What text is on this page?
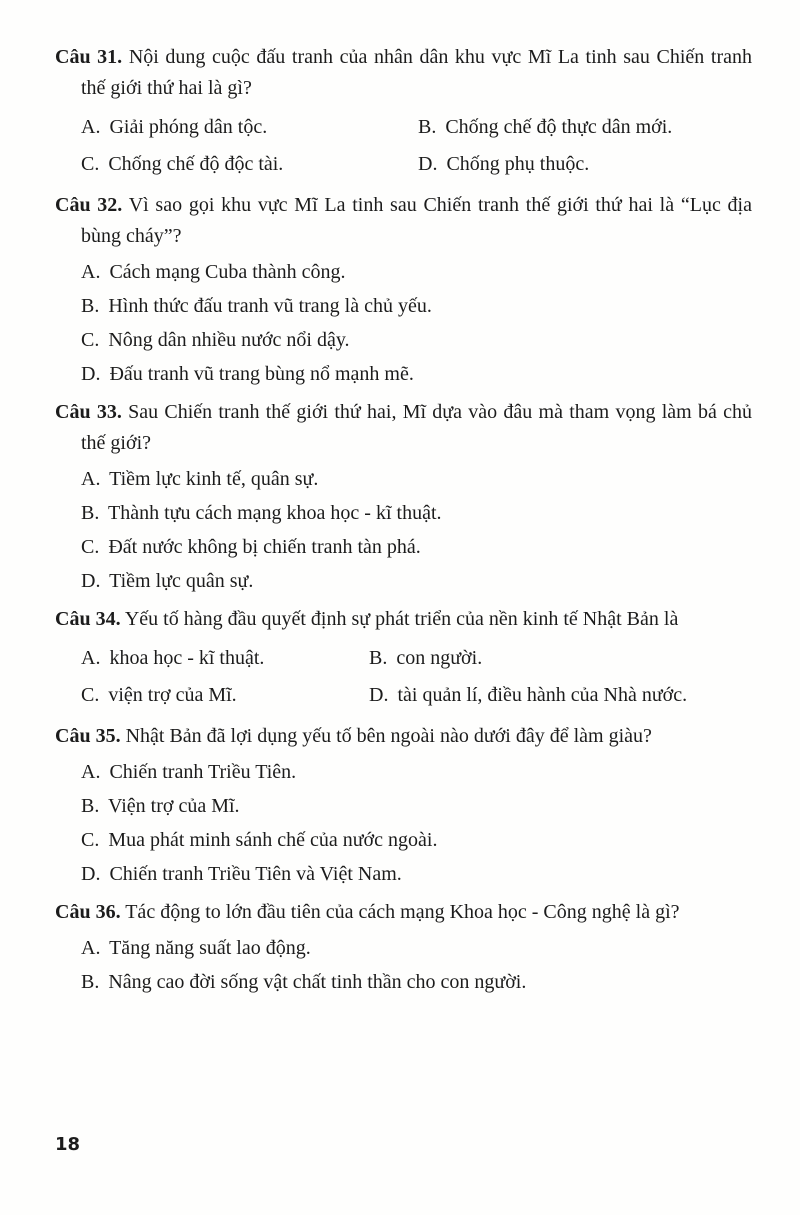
Câu 31. Nội dung cuộc đấu tranh của nhân dân khu vực Mĩ La tinh sau Chiến tranh thế giới thứ hai là gì?

A. Giải phóng dân tộc.	B. Chống chế độ thực dân mới.

C. Chống chế độ độc tài.	D. Chống phụ thuộc.

Câu 32. Vì sao gọi khu vực Mĩ La tinh sau Chiến tranh thế giới thứ hai là “Lục địa bùng cháy”?

A. Cách mạng Cuba thành công.

B. Hình thức đấu tranh vũ trang là chủ yếu.

C. Nông dân nhiều nước nổi dậy.

D. Đấu tranh vũ trang bùng nổ mạnh mẽ.

Câu 33. Sau Chiến tranh thế giới thứ hai, Mĩ dựa vào đâu mà tham vọng làm bá chủ thế giới?

A. Tiềm lực kinh tế, quân sự.

B. Thành tựu cách mạng khoa học - kĩ thuật.

C. Đất nước không bị chiến tranh tàn phá.

D. Tiềm lực quân sự.

Câu 34. Yếu tố hàng đầu quyết định sự phát triển của nền kinh tế Nhật Bản là

A. khoa học - kĩ thuật.	B. con người.

C. viện trợ của Mĩ.	D. tài quản lí, điều hành của Nhà nước.

Câu 35. Nhật Bản đã lợi dụng yếu tố bên ngoài nào dưới đây để làm giàu?

A. Chiến tranh Triều Tiên.

B. Viện trợ của Mĩ.

C. Mua phát minh sánh chế của nước ngoài.

D. Chiến tranh Triều Tiên và Việt Nam.

Câu 36. Tác động to lớn đầu tiên của cách mạng Khoa học - Công nghệ là gì?

A. Tăng năng suất lao động.

B. Nâng cao đời sống vật chất tinh thần cho con người.

18
